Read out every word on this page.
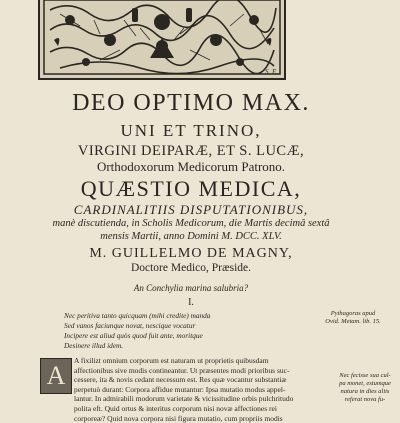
S. E.
DEO OPTIMO MAX.
UNI ET TRINO,
VIRGINI DEIPARÆ, ET S. LUCÆ,
Orthodoxorum Medicorum Patrono.
QUÆSTIO MEDICA,
CARDINALITIIS DISPUTATIONIBUS,
manè discutienda, in Scholis Medicorum, die Martis decimâ sextâ
mensis Martii, anno Domini M. DCC. XLV.
M. GUILLELMO DE MAGNY,
Doctore Medico, Præside.
An Conchylia marina salubria?
I.
Nec peritiva tanto quicquam (mihi credite) manda
Sed vanos faciunque novat, nescique vocatur
Incipere est aliud quòs quod fuit ante, moritque
Desinere illud idem.
Pythagoras apud
Ovid. Metam. lib. 15.
Nec fecisse sua cul-
pa monet, estumque
natura in dies aliis
referat nova fu-
A
A fixilizt omnium corporum est naturam ut proprietis quibusdam
affectionibus sive modis contineantur. Ut præsentes modi prioribus suc-
cessere, ita & novis cedant necessum est. Res quæ vocantur substantiæ
perpetuò durant: Corpora affidue mutantur: Ipsa mutatio modus appel-
lantur. In admirabili modorum varietate & vicissitudine orbis pulchritudo
polita eft. Quid ortus & interitus corporum nisi novæ affectiones rei
corporeæ? Quid nova corpora nisi figura mutatio, cum propriis modis
